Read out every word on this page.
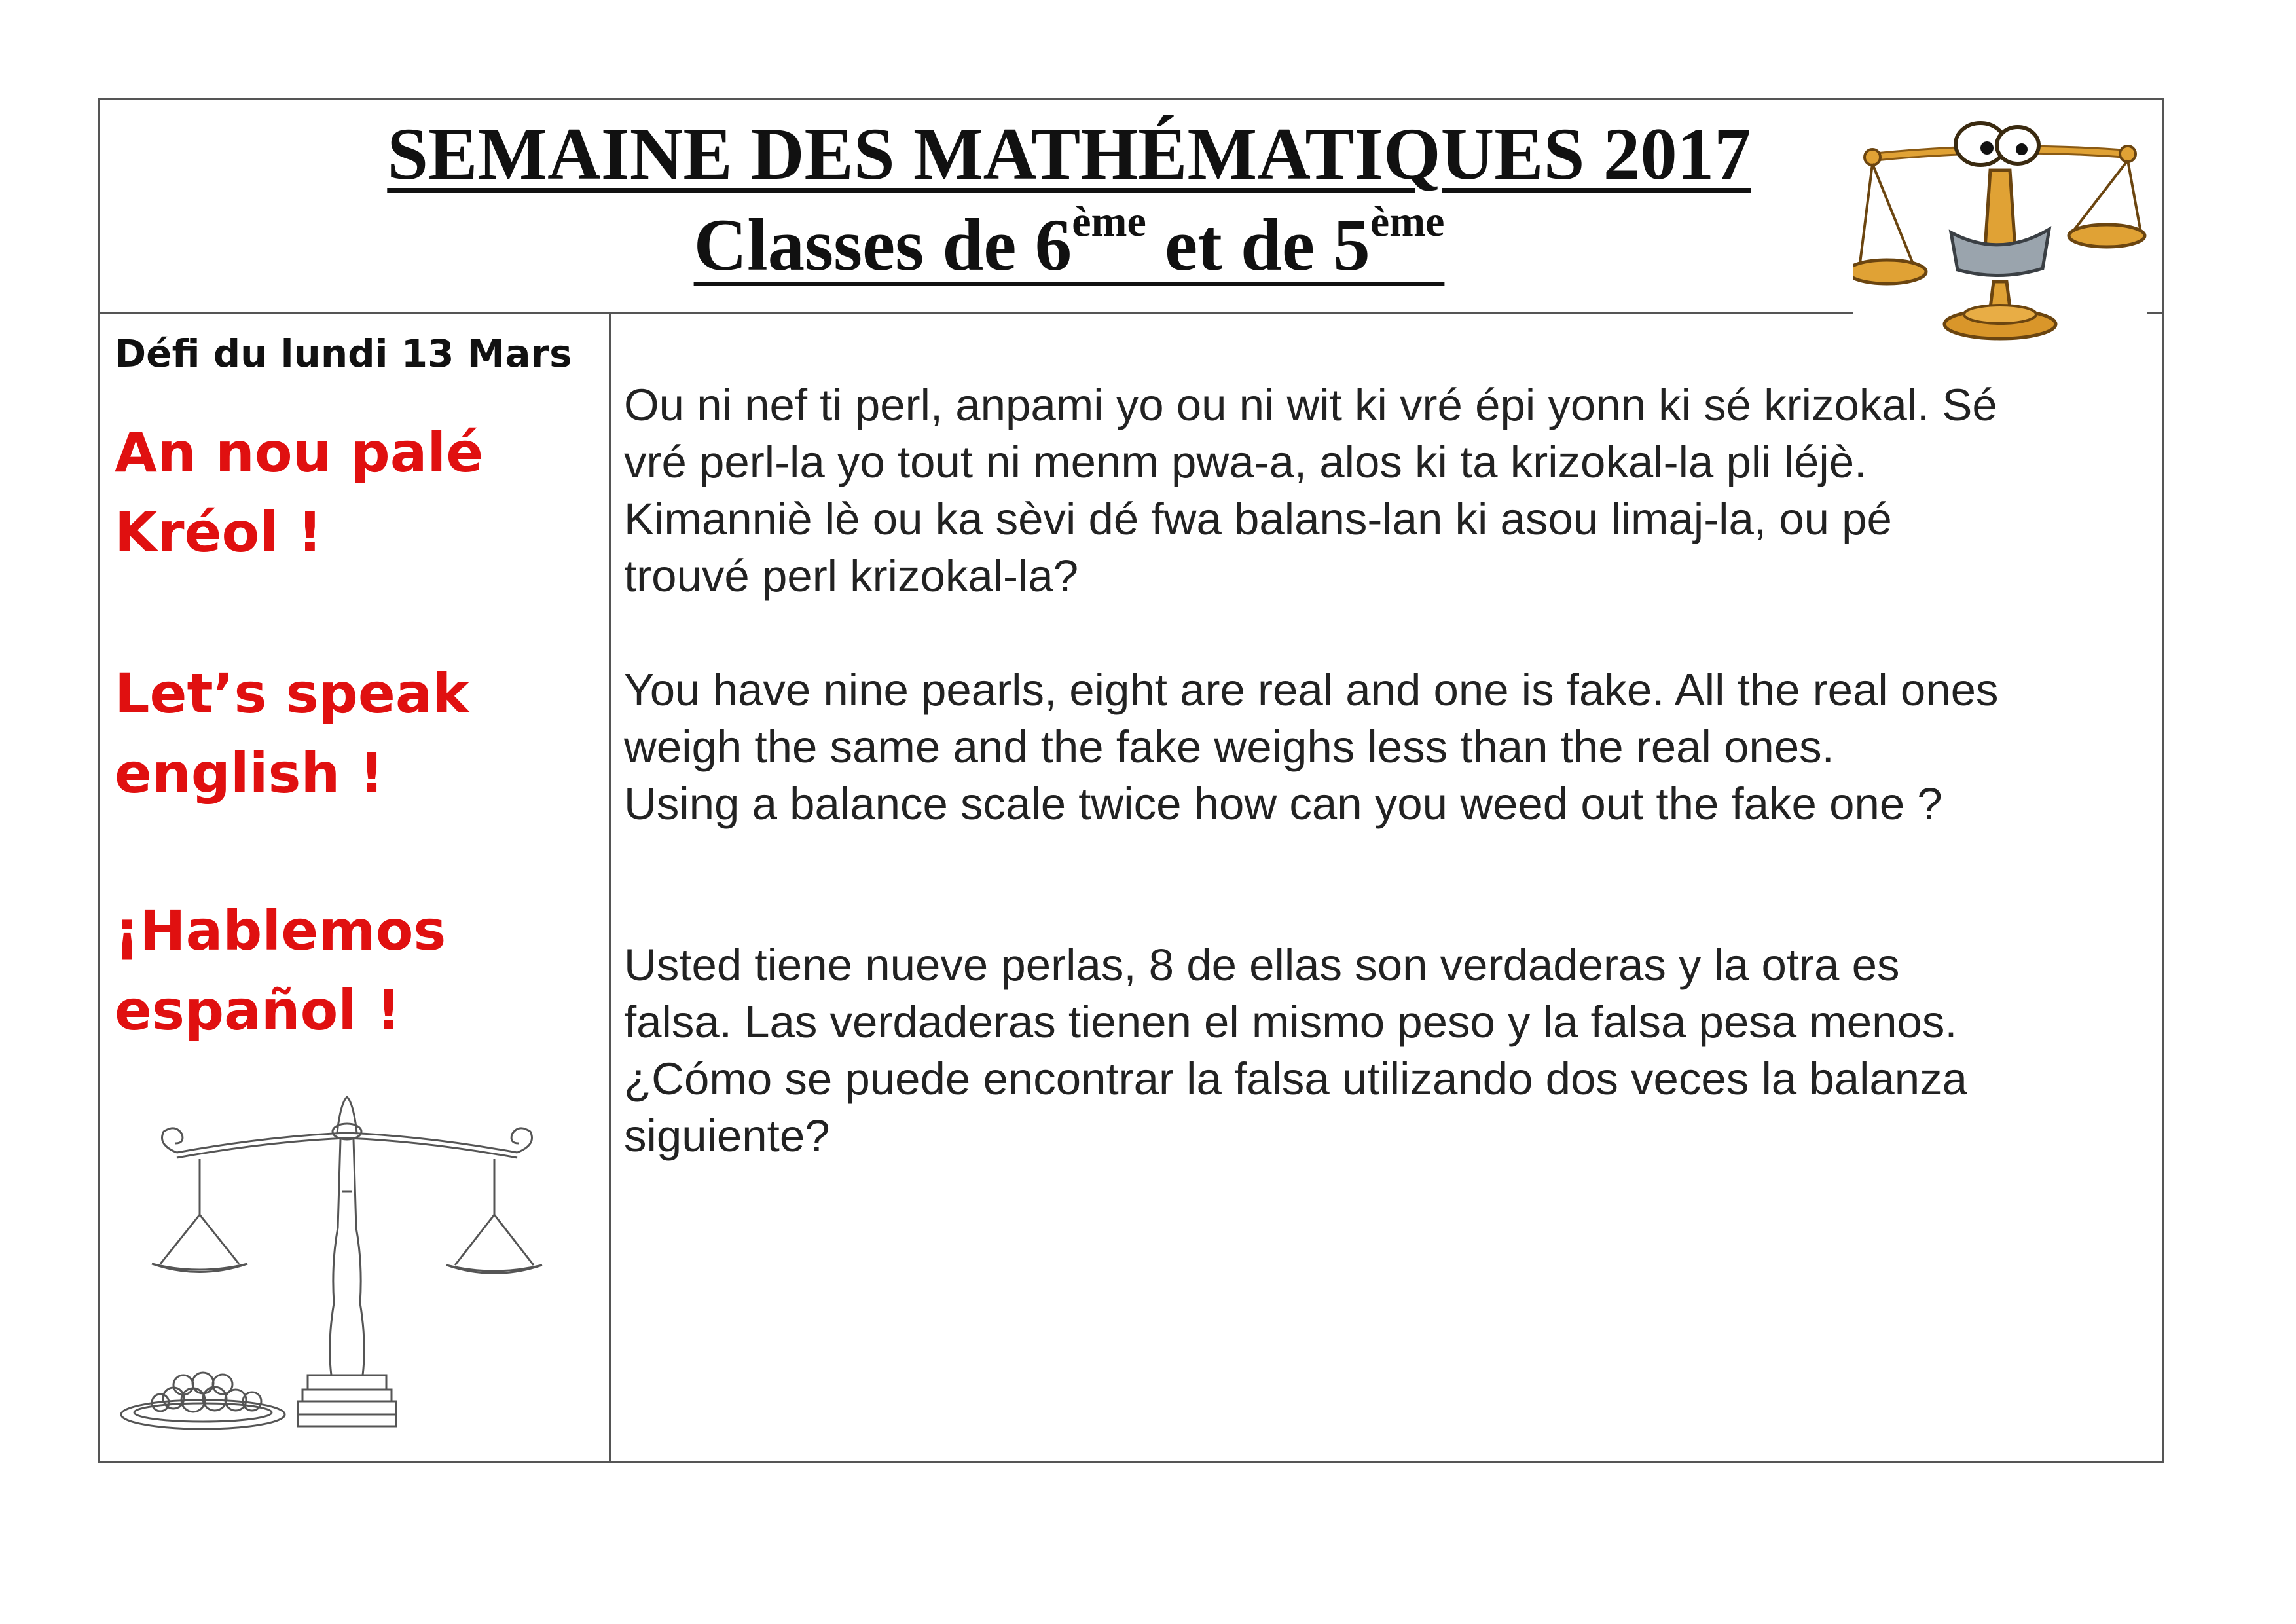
SEMAINE DES MATHÉMATIQUES 2017
Classes de 6ème et de 5ème
Défi du lundi 13 Mars

An nou palé
Kréol !

Let’s speak
english !

¡Hablemos
español !

Ou ni nef ti perl, anpami yo ou ni wit ki vré épi yonn ki sé krizokal. Sé
vré perl-la yo tout ni menm pwa-a, alos ki ta krizokal-la pli léjè.
Kimanniè lè ou ka sèvi dé fwa balans-lan ki asou limaj-la, ou pé
trouvé perl krizokal-la?

You have nine pearls, eight are real and one is fake. All the real ones
weigh the same and the fake weighs less than the real ones.
Using a balance scale twice how can you weed out the fake one ?

Usted tiene nueve perlas, 8 de ellas son verdaderas y la otra es
falsa. Las verdaderas tienen el mismo peso y la falsa pesa menos.
¿Cómo se puede encontrar la falsa utilizando dos veces la balanza
siguiente?
